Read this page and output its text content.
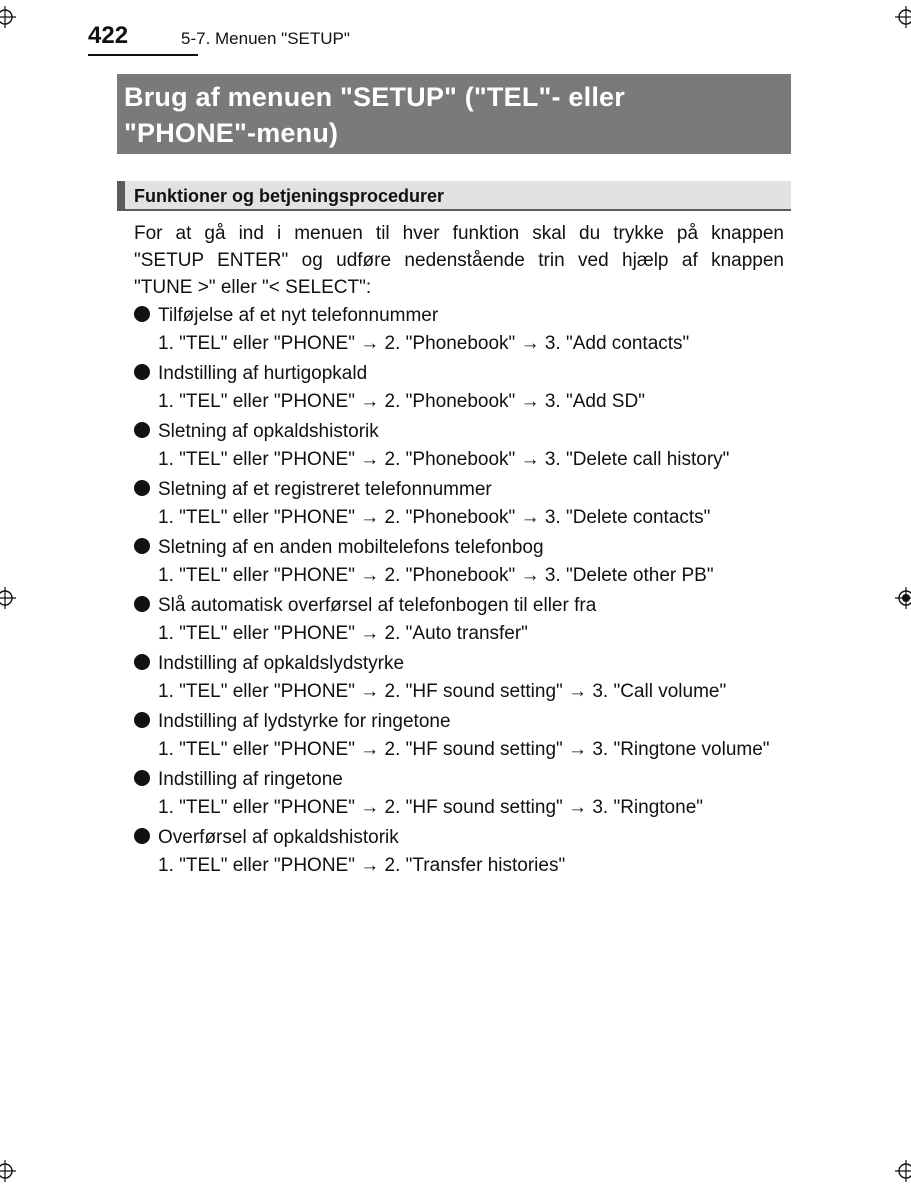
422	5-7. Menuen "SETUP"
Brug af menuen "SETUP" ("TEL"- eller
"PHONE"-menu)
Funktioner og betjeningsprocedurer
For at gå ind i menuen til hver funktion skal du trykke på knappen
"SETUP ENTER" og udføre nedenstående trin ved hjælp af knappen
"TUNE >" eller "< SELECT":
Tilføjelse af et nyt telefonnummer
1. "TEL" eller "PHONE" → 2. "Phonebook" → 3. "Add contacts"
Indstilling af hurtigopkald
1. "TEL" eller "PHONE" → 2. "Phonebook" → 3. "Add SD"
Sletning af opkaldshistorik
1. "TEL" eller "PHONE" → 2. "Phonebook" → 3. "Delete call history"
Sletning af et registreret telefonnummer
1. "TEL" eller "PHONE" → 2. "Phonebook" → 3. "Delete contacts"
Sletning af en anden mobiltelefons telefonbog
1. "TEL" eller "PHONE" → 2. "Phonebook" → 3. "Delete other PB"
Slå automatisk overførsel af telefonbogen til eller fra
1. "TEL" eller "PHONE" → 2. "Auto transfer"
Indstilling af opkaldslydstyrke
1. "TEL" eller "PHONE" → 2. "HF sound setting" → 3. "Call volume"
Indstilling af lydstyrke for ringetone
1. "TEL" eller "PHONE" → 2. "HF sound setting" → 3. "Ringtone volume"
Indstilling af ringetone
1. "TEL" eller "PHONE" → 2. "HF sound setting" → 3. "Ringtone"
Overførsel af opkaldshistorik
1. "TEL" eller "PHONE" → 2. "Transfer histories"
